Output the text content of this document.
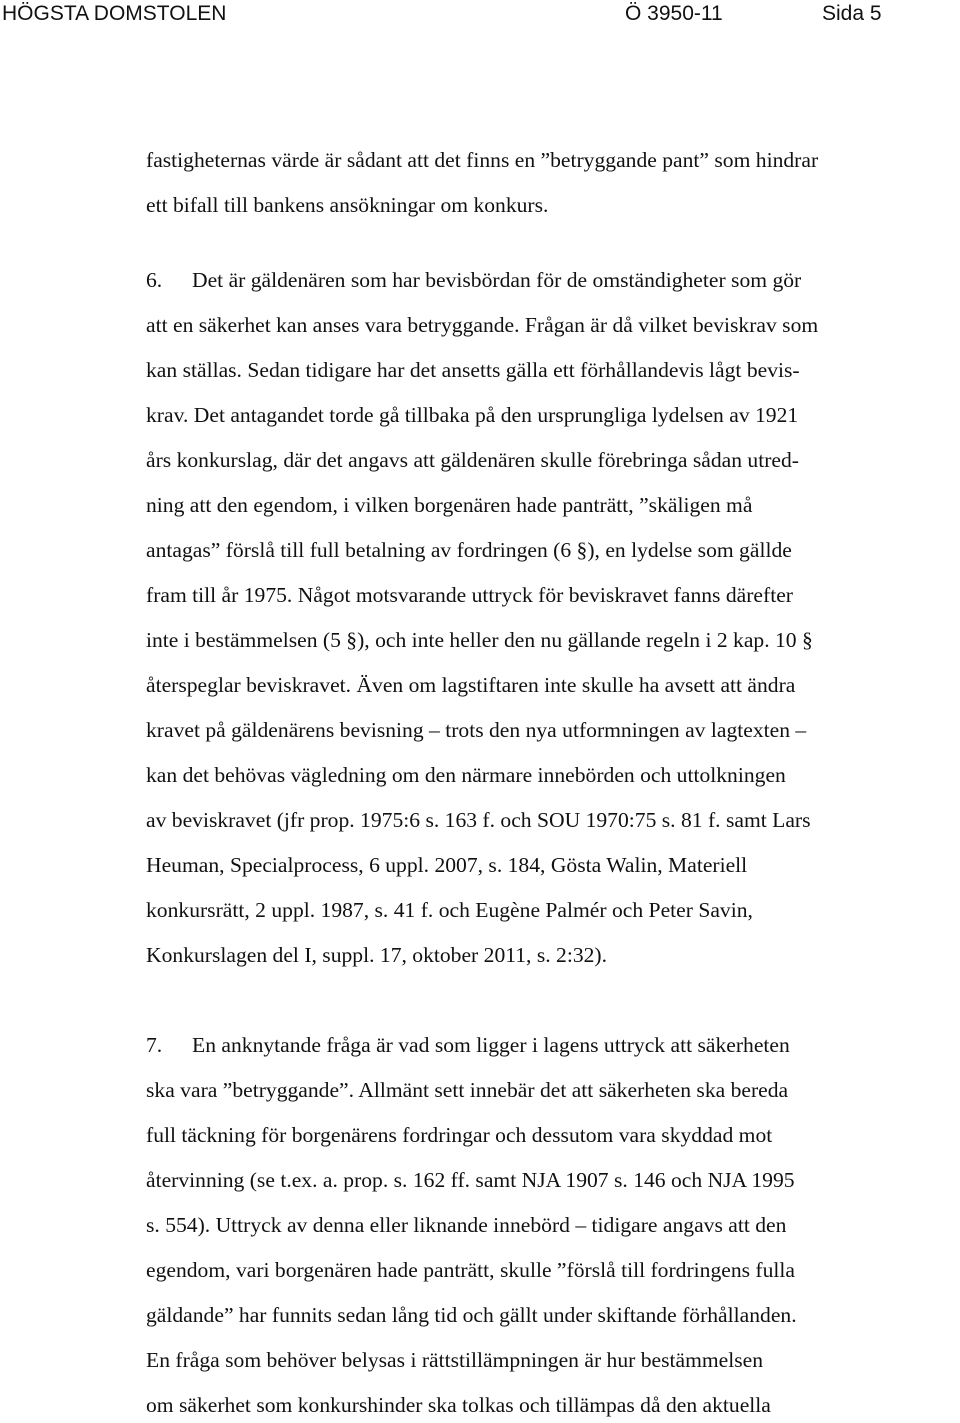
HÖGSTA DOMSTOLEN	Ö 3950-11	Sida 5
fastigheternas värde är sådant att det finns en ”betryggande pant” som hindrar
ett bifall till bankens ansökningar om konkurs.
6. Det är gäldenären som har bevisbördan för de omständigheter som gör
att en säkerhet kan anses vara betryggande. Frågan är då vilket beviskrav som
kan ställas. Sedan tidigare har det ansetts gälla ett förhållandevis lågt bevis-
krav. Det antagandet torde gå tillbaka på den ursprungliga lydelsen av 1921
års konkurslag, där det angavs att gäldenären skulle förebringa sådan utred-
ning att den egendom, i vilken borgenären hade panträtt, ”skäligen må
antagas” förslå till full betalning av fordringen (6 §), en lydelse som gällde
fram till år 1975. Något motsvarande uttryck för beviskravet fanns därefter
inte i bestämmelsen (5 §), och inte heller den nu gällande regeln i 2 kap. 10 §
återspeglar beviskravet. Även om lagstiftaren inte skulle ha avsett att ändra
kravet på gäldenärens bevisning – trots den nya utformningen av lagtexten –
kan det behövas vägledning om den närmare innebörden och uttolkningen
av beviskravet (jfr prop. 1975:6 s. 163 f. och SOU 1970:75 s. 81 f. samt Lars
Heuman, Specialprocess, 6 uppl. 2007, s. 184, Gösta Walin, Materiell
konkursrätt, 2 uppl. 1987, s. 41 f. och Eugène Palmér och Peter Savin,
Konkurslagen del I, suppl. 17, oktober 2011, s. 2:32).
7. En anknytande fråga är vad som ligger i lagens uttryck att säkerheten
ska vara ”betryggande”. Allmänt sett innebär det att säkerheten ska bereda
full täckning för borgenärens fordringar och dessutom vara skyddad mot
återvinning (se t.ex. a. prop. s. 162 ff. samt NJA 1907 s. 146 och NJA 1995
s. 554). Uttryck av denna eller liknande innebörd – tidigare angavs att den
egendom, vari borgenären hade panträtt, skulle ”förslå till fordringens fulla
gäldande” har funnits sedan lång tid och gällt under skiftande förhållanden.
En fråga som behöver belysas i rättstillämpningen är hur bestämmelsen
om säkerhet som konkurshinder ska tolkas och tillämpas då den aktuella
